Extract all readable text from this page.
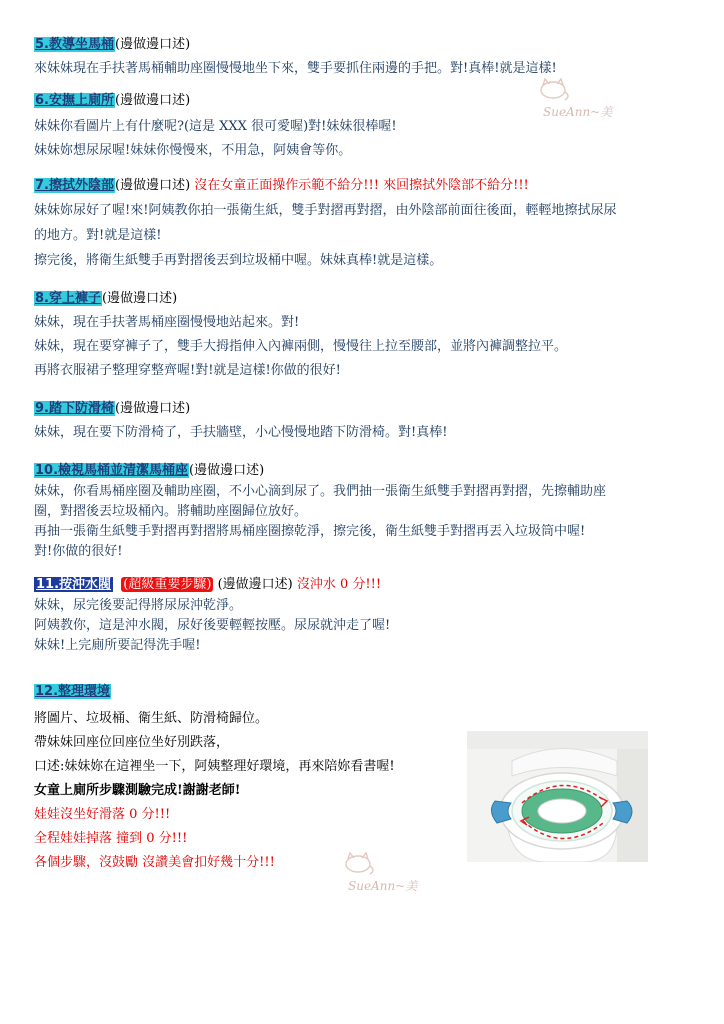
5.教導坐馬桶(邊做邊口述)
來妹妹現在手扶著馬桶輔助座圈慢慢地坐下來，雙手要抓住兩邊的手把。對!真棒!就是這樣!
6.安撫上廁所(邊做邊口述)
妹妹你看圖片上有什麼呢?(這是 XXX 很可愛喔)對!妹妹很棒喔!
妹妹妳想尿尿喔!妹妹你慢慢來，不用急，阿姨會等你。
7.擦拭外陰部(邊做邊口述) 沒在女童正面操作示範不給分!!! 來回擦拭外陰部不給分!!!
妹妹妳尿好了喔!來!阿姨教你拍一張衛生紙，雙手對摺再對摺，由外陰部前面往後面，輕輕地擦拭尿尿
的地方。對!就是這樣!
擦完後，將衛生紙雙手再對摺後丟到垃圾桶中喔。妹妹真棒!就是這樣。
8.穿上褲子(邊做邊口述)
妹妹，現在手扶著馬桶座圈慢慢地站起來。對!
妹妹，現在要穿褲子了，雙手大拇指伸入內褲兩側，慢慢往上拉至腰部，並將內褲調整拉平。
再將衣服裙子整理穿整齊喔!對!就是這樣!你做的很好!
9.踏下防滑椅(邊做邊口述)
妹妹，現在要下防滑椅了，手扶牆壁，小心慢慢地踏下防滑椅。對!真棒!
10.檢視馬桶並清潔馬桶座(邊做邊口述)
妹妹，你看馬桶座圈及輔助座圈，不小心滴到尿了。我們抽一張衛生紙雙手對摺再對摺，先擦輔助座
圈，對摺後丟垃圾桶內。將輔助座圈歸位放好。
再抽一張衛生紙雙手對摺再對摺將馬桶座圈擦乾淨，擦完後，衛生紙雙手對摺再丟入垃圾筒中喔!
對!你做的很好!
11.按沖水閥 (超級重要步驟) (邊做邊口述) 沒沖水 0 分!!!
妹妹，尿完後要記得將尿尿沖乾淨。
阿姨教你，這是沖水閥，尿好後要輕輕按壓。尿尿就沖走了喔!
妹妹!上完廁所要記得洗手喔!
12.整理環境
將圖片、垃圾桶、衛生紙、防滑椅歸位。
帶妹妹回座位回座位坐好別跌落，
口述:妹妹妳在這裡坐一下，阿姨整理好環境，再來陪妳看書喔!
女童上廁所步驟測驗完成!謝謝老師!
娃娃沒坐好滑落 0 分!!!
全程娃娃掉落 撞到 0 分!!!
各個步驟，沒鼓勵 沒讚美會扣好幾十分!!!
SueAnn~美
SueAnn~美
